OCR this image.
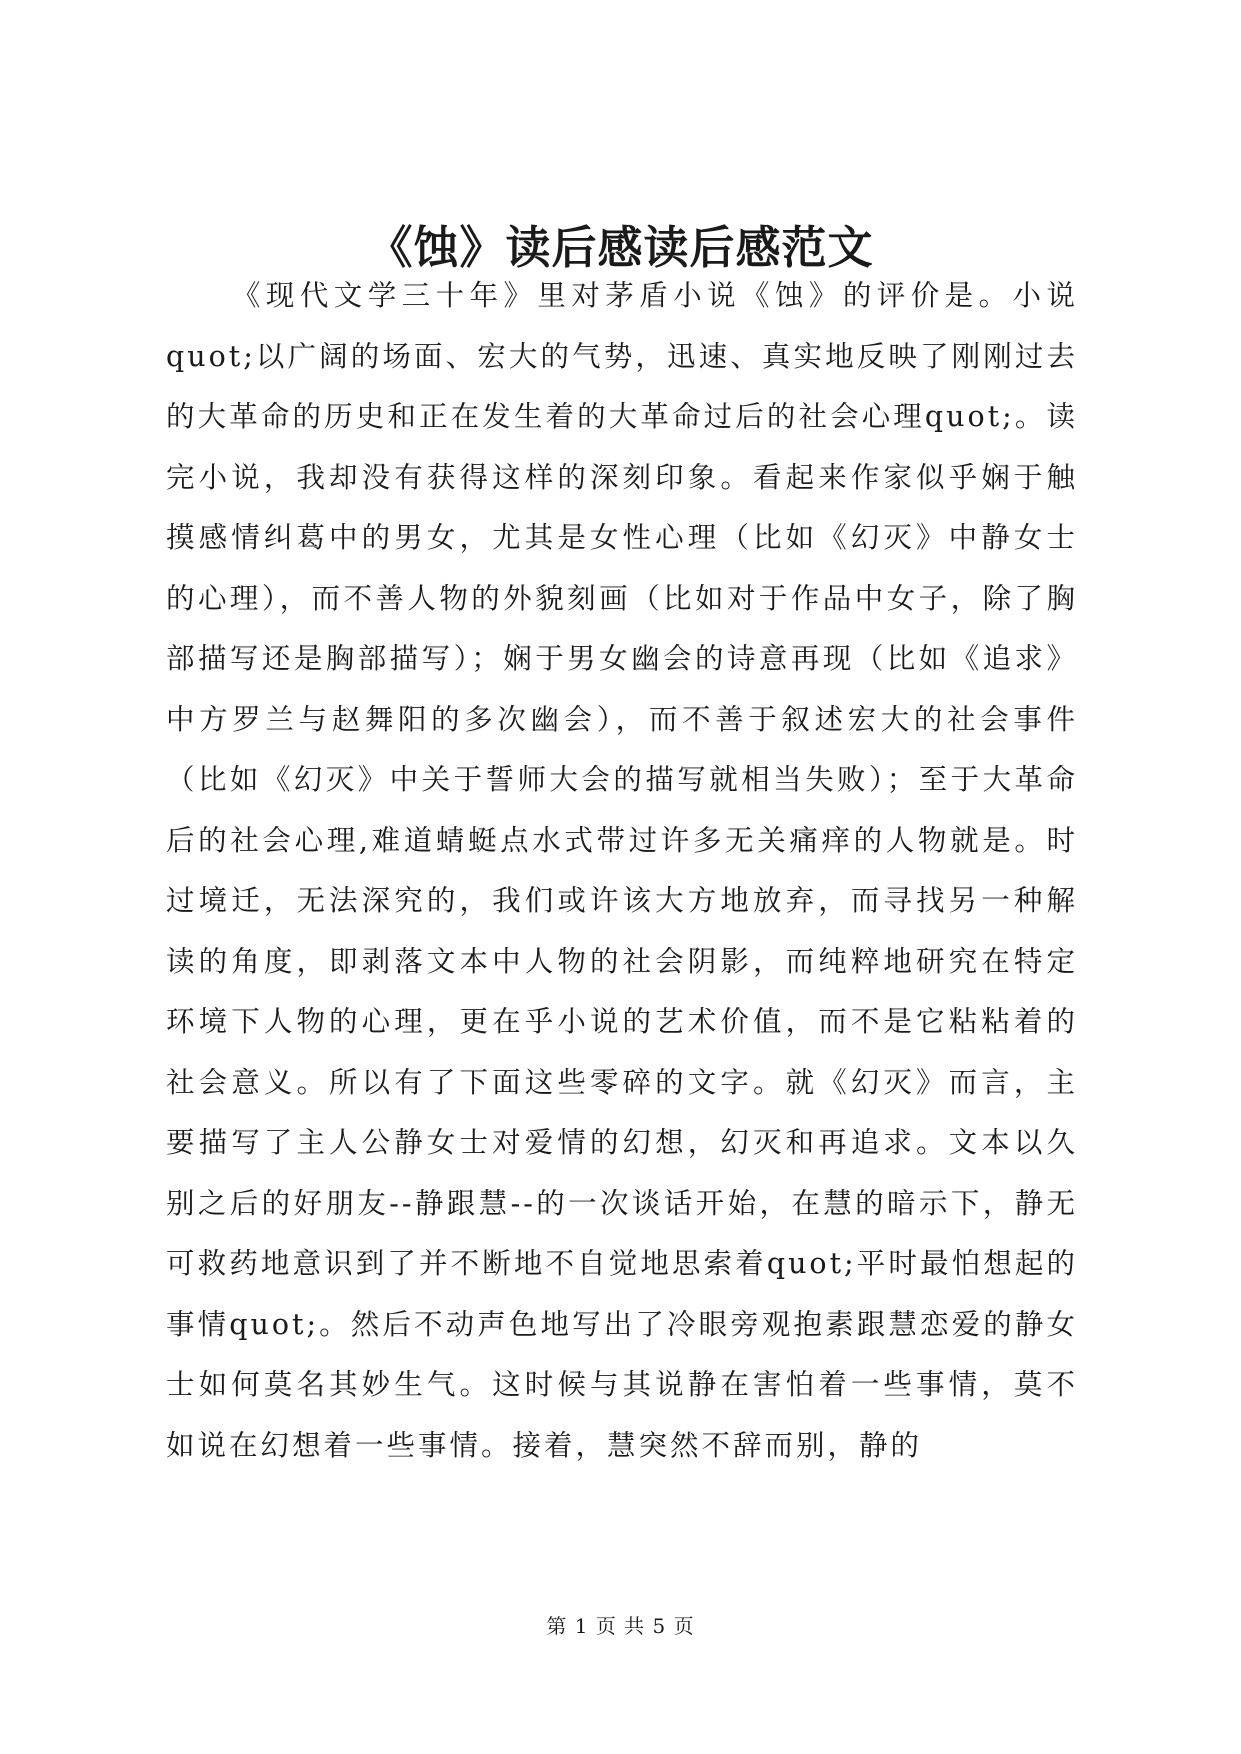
《蚀》读后感读后感范文

《现代文学三十年》里对茅盾小说《蚀》的评价是。小说quot;以广阔的场面、宏大的气势，迅速、真实地反映了刚刚过去的大革命的历史和正在发生着的大革命过后的社会心理quot;。读完小说，我却没有获得这样的深刻印象。看起来作家似乎娴于触摸感情纠葛中的男女，尤其是女性心理（比如《幻灭》中静女士的心理），而不善人物的外貌刻画（比如对于作品中女子，除了胸部描写还是胸部描写）；娴于男女幽会的诗意再现（比如《追求》中方罗兰与赵舞阳的多次幽会），而不善于叙述宏大的社会事件（比如《幻灭》中关于誓师大会的描写就相当失败）；至于大革命后的社会心理,难道蜻蜓点水式带过许多无关痛痒的人物就是。时过境迁，无法深究的，我们或许该大方地放弃，而寻找另一种解读的角度，即剥落文本中人物的社会阴影，而纯粹地研究在特定环境下人物的心理，更在乎小说的艺术价值，而不是它粘粘着的社会意义。所以有了下面这些零碎的文字。就《幻灭》而言，主要描写了主人公静女士对爱情的幻想，幻灭和再追求。文本以久别之后的好朋友--静跟慧--的一次谈话开始，在慧的暗示下，静无可救药地意识到了并不断地不自觉地思索着quot;平时最怕想起的事情quot;。然后不动声色地写出了冷眼旁观抱素跟慧恋爱的静女士如何莫名其妙生气。这时候与其说静在害怕着一些事情，莫不如说在幻想着一些事情。接着，慧突然不辞而别，静的

第 1 页 共 5 页
